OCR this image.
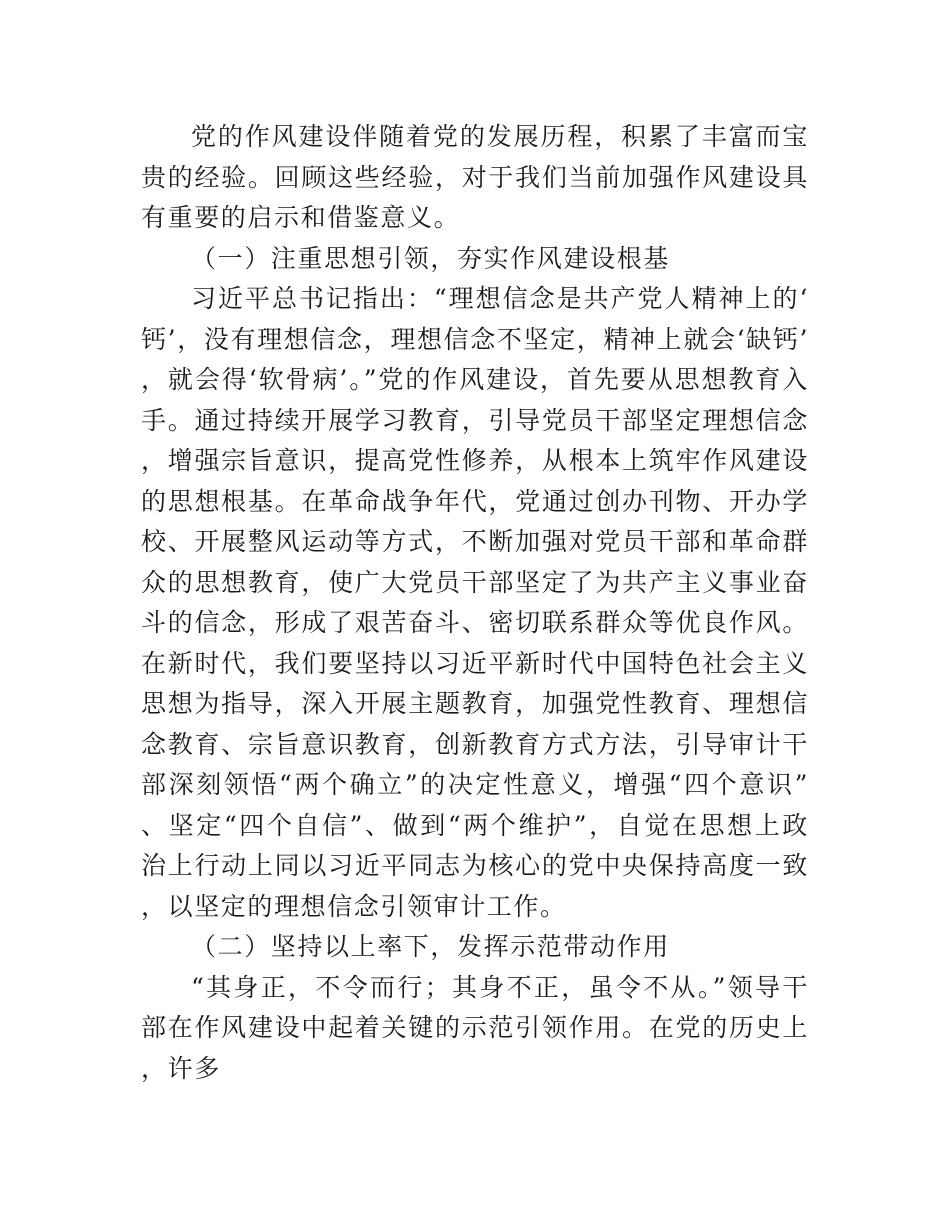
党的作风建设伴随着党的发展历程，积累了丰富而宝贵的经验。回顾这些经验，对于我们当前加强作风建设具有重要的启示和借鉴意义。

（一）注重思想引领，夯实作风建设根基

习近平总书记指出：“理想信念是共产党人精神上的‘钙’，没有理想信念，理想信念不坚定，精神上就会‘缺钙’，就会得‘软骨病’。”党的作风建设，首先要从思想教育入手。通过持续开展学习教育，引导党员干部坚定理想信念，增强宗旨意识，提高党性修养，从根本上筑牢作风建设的思想根基。在革命战争年代，党通过创办刊物、开办学校、开展整风运动等方式，不断加强对党员干部和革命群众的思想教育，使广大党员干部坚定了为共产主义事业奋斗的信念，形成了艰苦奋斗、密切联系群众等优良作风。在新时代，我们要坚持以习近平新时代中国特色社会主义思想为指导，深入开展主题教育，加强党性教育、理想信念教育、宗旨意识教育，创新教育方式方法，引导审计干部深刻领悟“两个确立”的决定性意义，增强“四个意识”、坚定“四个自信”、做到“两个维护”，自觉在思想上政治上行动上同以习近平同志为核心的党中央保持高度一致，以坚定的理想信念引领审计工作。

（二）坚持以上率下，发挥示范带动作用

“其身正，不令而行；其身不正，虽令不从。”领导干部在作风建设中起着关键的示范引领作用。在党的历史上，许多
